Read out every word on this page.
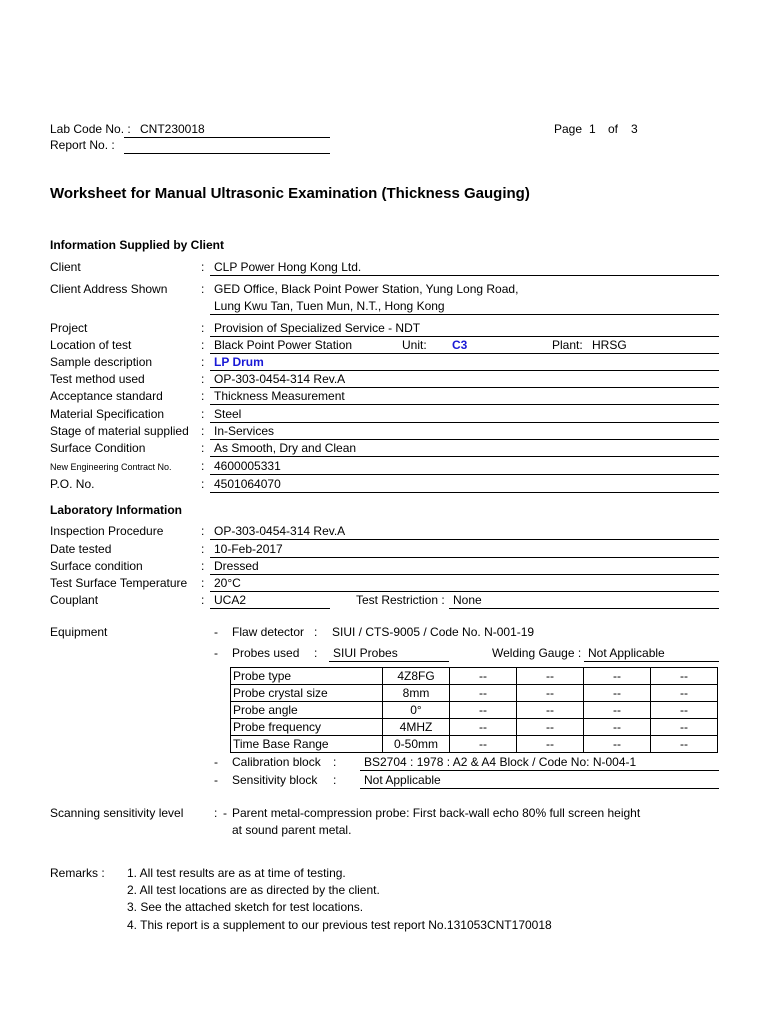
Lab Code No. : CNT230018
Report No. :
Page 1 of 3
Worksheet for Manual Ultrasonic Examination (Thickness Gauging)
Information Supplied by Client
Client	: CLP Power Hong Kong Ltd.
Client Address Shown	: GED Office, Black Point Power Station, Yung Long Road,
Lung Kwu Tan, Tuen Mun, N.T., Hong Kong
Project	: Provision of Specialized Service - NDT
Location of test	: Black Point Power Station	Unit: C3	Plant: HRSG
Sample description	: LP Drum
Test method used	: OP-303-0454-314 Rev.A
Acceptance standard	: Thickness Measurement
Material Specification	: Steel
Stage of material supplied : In-Services
Surface Condition	: As Smooth, Dry and Clean
New Engineering Contract No. : 4600005331
P.O. No.	: 4501064070
Laboratory Information
Inspection Procedure	: OP-303-0454-314 Rev.A
Date tested	: 10-Feb-2017
Surface condition	: Dressed
Test Surface Temperature : 20°C
Couplant	: UCA2	Test Restriction : None
Equipment	- Flaw detector : SIUI / CTS-9005 / Code No. N-001-19
- Probes used : SIUI Probes	Welding Gauge : Not Applicable
Probe type	4Z8FG	--	--	--	--
Probe crystal size	8mm	--	--	--	--
Probe angle	0°	--	--	--	--
Probe frequency	4MHZ	--	--	--	--
Time Base Range	0-50mm	--	--	--	--
- Calibration block : BS2704 : 1978 : A2 & A4 Block / Code No: N-004-1
- Sensitivity block : Not Applicable
Scanning sensitivity level	: - Parent metal-compression probe: First back-wall echo 80% full screen height
at sound parent metal.
Remarks : 1. All test results are as at time of testing.
2. All test locations are as directed by the client.
3. See the attached sketch for test locations.
4. This report is a supplement to our previous test report No.131053CNT170018
